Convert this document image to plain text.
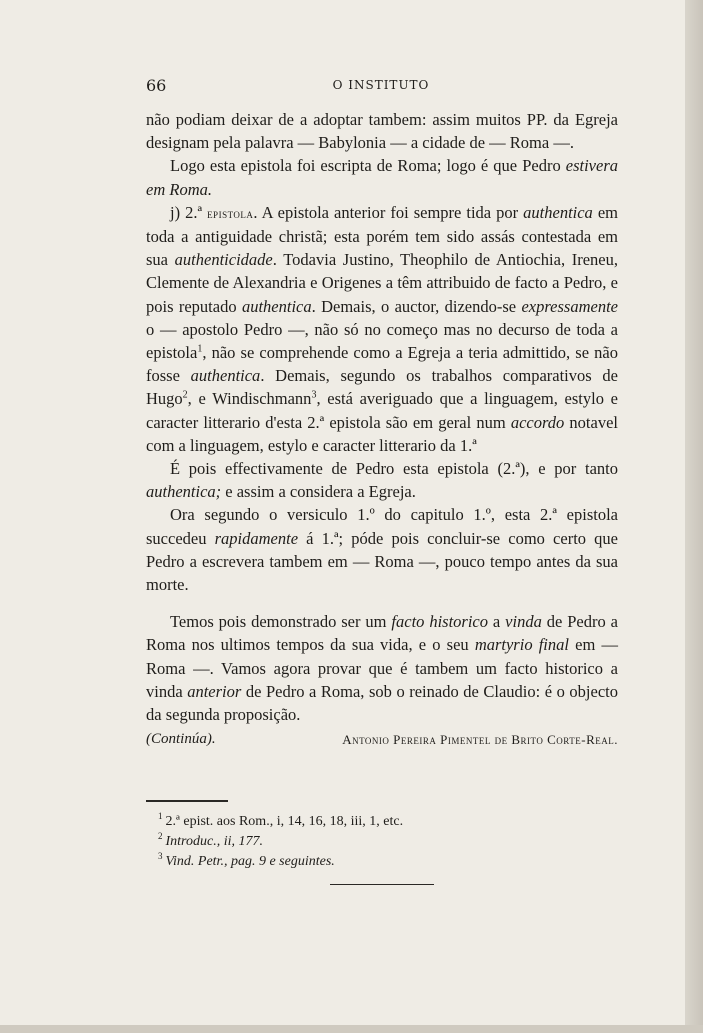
66	O INSTITUTO

não podiam deixar de a adoptar tambem: assim muitos PP. da Egreja designam pela palavra — Babylonia — a cidade de — Roma —.

Logo esta epistola foi escripta de Roma; logo é que Pedro estivera em Roma.

j) 2.ª epistola. A epistola anterior foi sempre tida por authentica em toda a antiguidade christã; esta porém tem sido assás contestada em sua authenticidade. Todavia Justino, Theophilo de Antiochia, Ireneu, Clemente de Alexandria e Origenes a têm attribuido de facto a Pedro, e pois reputado authentica. Demais, o auctor, dizendo-se expressamente o — apostolo Pedro —, não só no começo mas no decurso de toda a epistola$^1$, não se comprehende como a Egreja a teria admittido, se não fosse authentica. Demais, segundo os trabalhos comparativos de Hugo$^2$, e Windischmann$^3$, está averiguado que a linguagem, estylo e caracter litterario d'esta 2.ª epistola são em geral num accordo notavel com a linguagem, estylo e caracter litterario da 1.ª

É pois effectivamente de Pedro esta epistola (2.ª), e por tanto authentica; e assim a considera a Egreja.

Ora segundo o versiculo 1.º do capitulo 1.º, esta 2.ª epistola succedeu rapidamente á 1.ª; póde pois concluir-se como certo que Pedro a escrevera tambem em — Roma —, pouco tempo antes da sua morte.

Temos pois demonstrado ser um facto historico a vinda de Pedro a Roma nos ultimos tempos da sua vida, e o seu martyrio final em — Roma —. Vamos agora provar que é tambem um facto historico a vinda anterior de Pedro a Roma, sob o reinado de Claudio: é o objecto da segunda proposição.

(Continúa).	Antonio Pereira Pimentel de Brito Corte-Real.

$^1$ 2.ª epist. aos Rom., i, 14, 16, 18, iii, 1, etc.

$^2$ Introduc., ii, 177.

$^3$ Vind. Petr., pag. 9 e seguintes.
